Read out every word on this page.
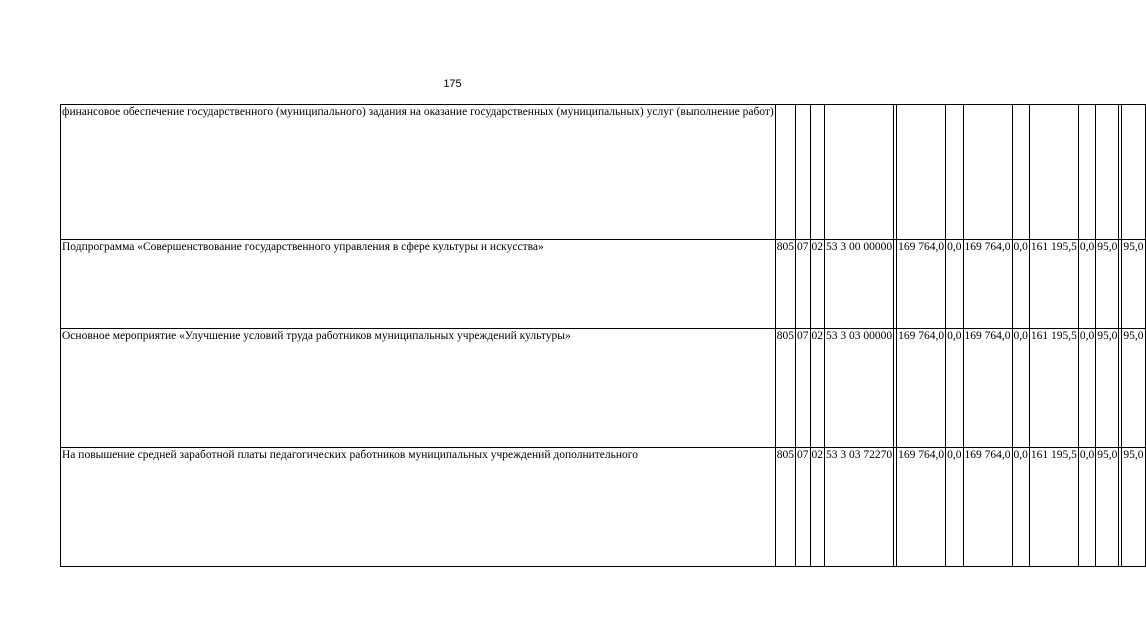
175
финансовое обеспечение государственного (муниципального) задания на оказание государственных (муниципальных) услуг (выполнение работ)														
Подпрограмма «Совершенствование государственного управления в сфере культуры и искусства»	805	07	02	53 3 00 00000		169 764,0	0,0	169 764,0	0,0	161 195,5	0,0	95,0		95,0
Основное мероприятие «Улучшение условий труда работников муниципальных учреждений культуры»	805	07	02	53 3 03 00000		169 764,0	0,0	169 764,0	0,0	161 195,5	0,0	95,0		95,0
На повышение средней заработной платы педагогических работников муниципальных учреждений дополнительного	805	07	02	53 3 03 72270		169 764,0	0,0	169 764,0	0,0	161 195,5	0,0	95,0		95,0
